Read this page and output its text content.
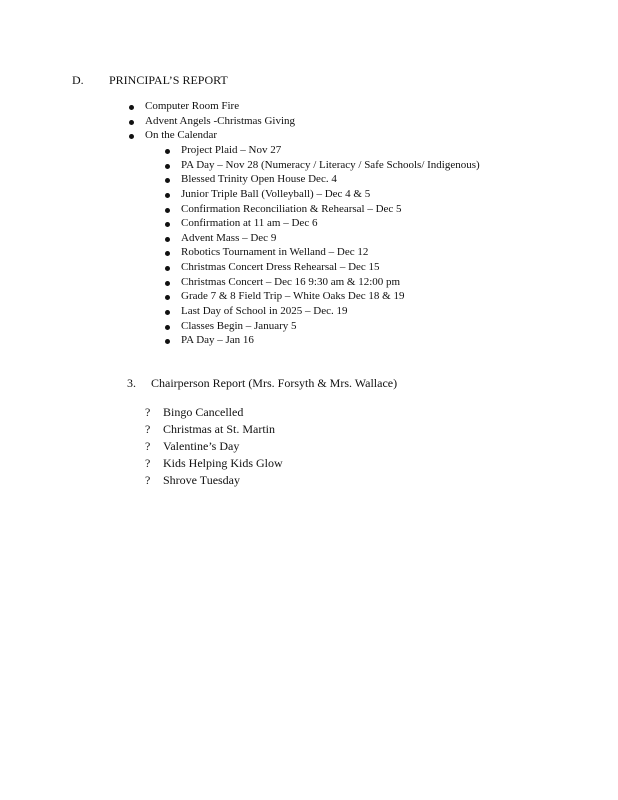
D. PRINCIPAL’S REPORT
Computer Room Fire
Advent Angels -Christmas Giving
On the Calendar
Project Plaid – Nov 27
PA Day – Nov 28 (Numeracy / Literacy / Safe Schools/ Indigenous)
Blessed Trinity Open House Dec. 4
Junior Triple Ball (Volleyball) – Dec 4 & 5
Confirmation Reconciliation & Rehearsal – Dec 5
Confirmation at 11 am – Dec 6
Advent Mass – Dec 9
Robotics Tournament in Welland – Dec 12
Christmas Concert Dress Rehearsal – Dec 15
Christmas Concert – Dec 16 9:30 am & 12:00 pm
Grade 7 & 8 Field Trip – White Oaks Dec 18 & 19
Last Day of School in 2025 – Dec. 19
Classes Begin – January 5
PA Day – Jan 16
3. Chairperson Report (Mrs. Forsyth & Mrs. Wallace)
? Bingo Cancelled
? Christmas at St. Martin
? Valentine’s Day
? Kids Helping Kids Glow
? Shrove Tuesday
